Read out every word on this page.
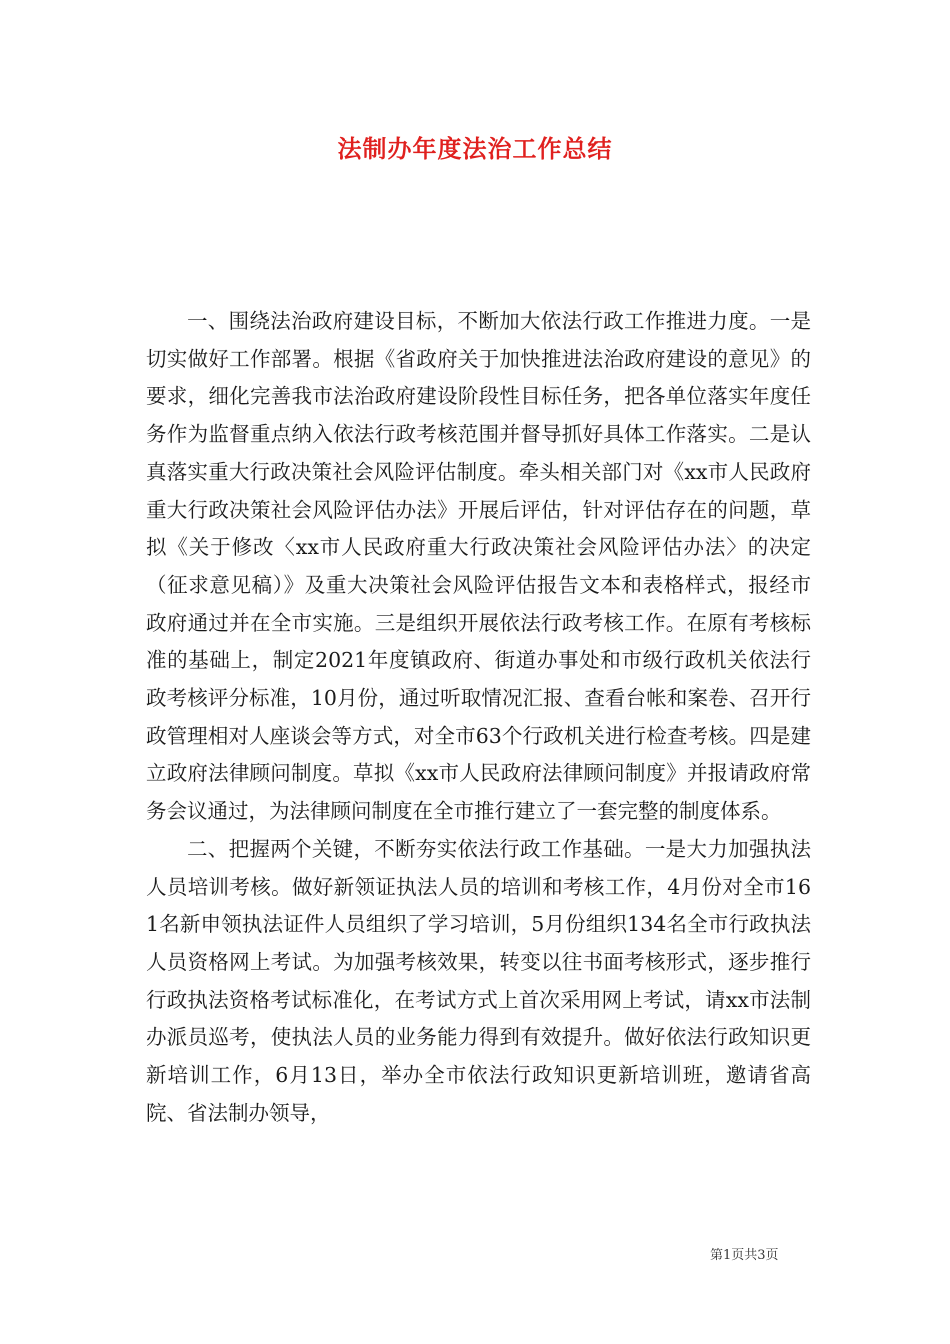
法制办年度法治工作总结

一、围绕法治政府建设目标，不断加大依法行政工作推进力度。一是切实做好工作部署。根据《省政府关于加快推进法治政府建设的意见》的要求，细化完善我市法治政府建设阶段性目标任务，把各单位落实年度任务作为监督重点纳入依法行政考核范围并督导抓好具体工作落实。二是认真落实重大行政决策社会风险评估制度。牵头相关部门对《xx市人民政府重大行政决策社会风险评估办法》开展后评估，针对评估存在的问题，草拟《关于修改〈xx市人民政府重大行政决策社会风险评估办法〉的决定（征求意见稿）》及重大决策社会风险评估报告文本和表格样式，报经市政府通过并在全市实施。三是组织开展依法行政考核工作。在原有考核标准的基础上，制定2021年度镇政府、街道办事处和市级行政机关依法行政考核评分标准，10月份，通过听取情况汇报、查看台帐和案卷、召开行政管理相对人座谈会等方式，对全市63个行政机关进行检查考核。四是建立政府法律顾问制度。草拟《xx市人民政府法律顾问制度》并报请政府常务会议通过，为法律顾问制度在全市推行建立了一套完整的制度体系。

二、把握两个关键，不断夯实依法行政工作基础。一是大力加强执法人员培训考核。做好新领证执法人员的培训和考核工作，4月份对全市161名新申领执法证件人员组织了学习培训，5月份组织134名全市行政执法人员资格网上考试。为加强考核效果，转变以往书面考核形式，逐步推行行政执法资格考试标准化，在考试方式上首次采用网上考试，请xx市法制办派员巡考，使执法人员的业务能力得到有效提升。做好依法行政知识更新培训工作，6月13日，举办全市依法行政知识更新培训班，邀请省高院、省法制办领导，

第1页共3页
